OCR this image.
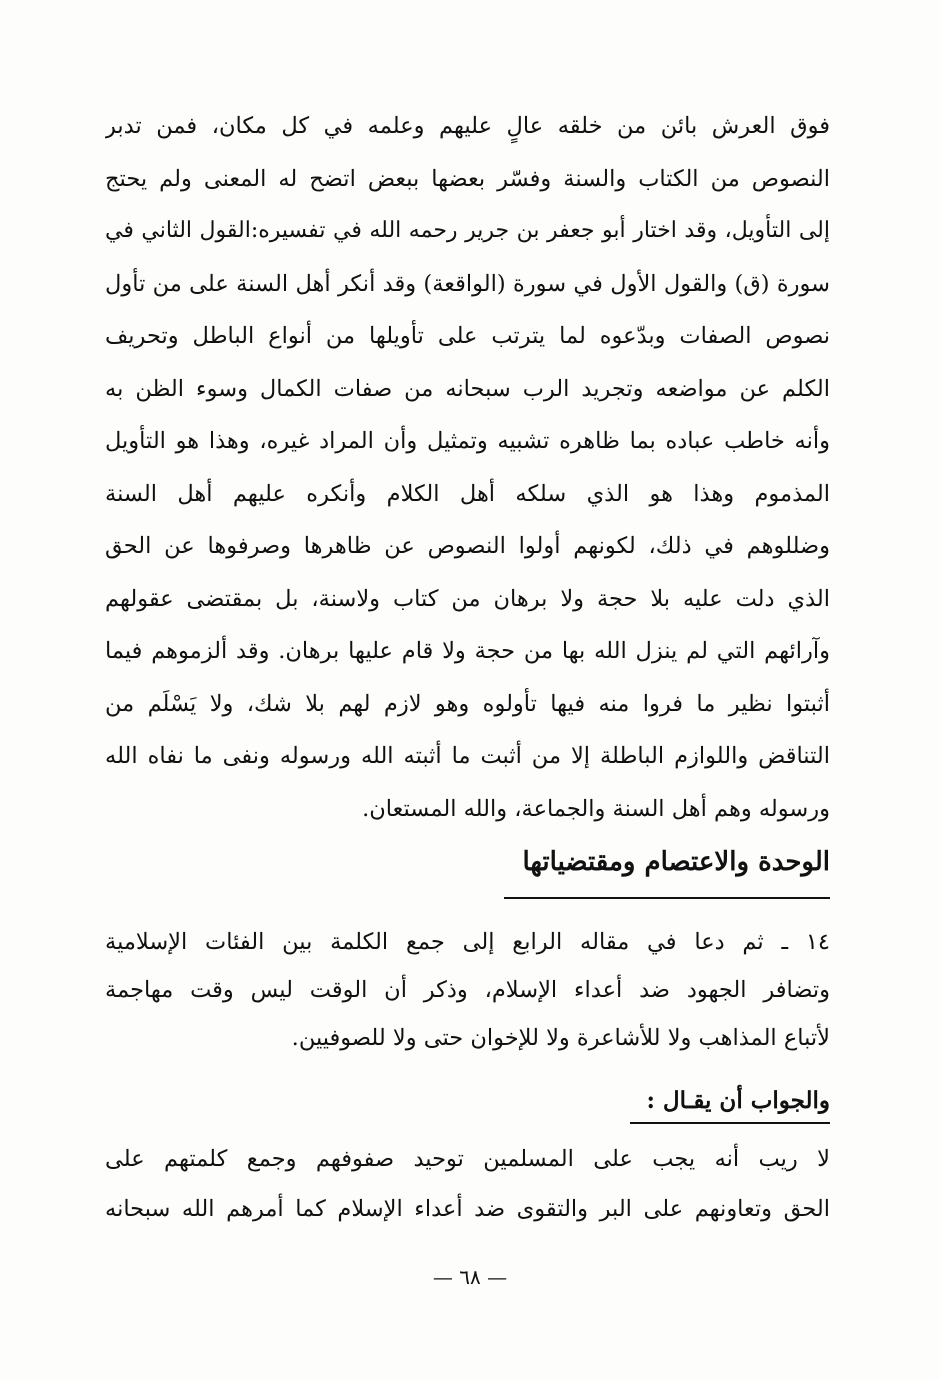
فوق العرش بائن من خلقه عالٍ عليهم وعلمه في كل مكان، فمن تدبر
النصوص من الكتاب والسنة وفسّر بعضها ببعض اتضح له المعنى ولم يحتج
إلى التأويل، وقد اختار أبو جعفر بن جرير رحمه الله في تفسيره:القول الثاني في
سورة (ق) والقول الأول في سورة (الواقعة) وقد أنكر أهل السنة على من تأول
نصوص الصفات وبدّعوه لما يترتب على تأويلها من أنواع الباطل وتحريف
الكلم عن مواضعه وتجريد الرب سبحانه من صفات الكمال وسوء الظن به
وأنه خاطب عباده بما ظاهره تشبيه وتمثيل وأن المراد غيره، وهذا هو التأويل
المذموم وهذا هو الذي سلكه أهل الكلام وأنكره عليهم أهل السنة
وضللوهم في ذلك، لكونهم أولوا النصوص عن ظاهرها وصرفوها عن الحق
الذي دلت عليه بلا حجة ولا برهان من كتاب ولاسنة، بل بمقتضى عقولهم
وآرائهم التي لم ينزل الله بها من حجة ولا قام عليها برهان. وقد ألزموهم فيما
أثبتوا نظير ما فروا منه فيها تأولوه وهو لازم لهم بلا شك، ولا يَسْلَم من
التناقض واللوازم الباطلة إلا من أثبت ما أثبته الله ورسوله ونفى ما نفاه الله
ورسوله وهم أهل السنة والجماعة، والله المستعان.
الوحدة والاعتصام ومقتضياتها
١٤ ـ ثم دعا في مقاله الرابع إلى جمع الكلمة بين الفئات الإسلامية
وتضافر الجهود ضد أعداء الإسلام، وذكر أن الوقت ليس وقت مهاجمة
لأتباع المذاهب ولا للأشاعرة ولا للإخوان حتى ولا للصوفيين.
والجواب أن يقـال :
لا ريب أنه يجب على المسلمين توحيد صفوفهم وجمع كلمتهم على
الحق وتعاونهم على البر والتقوى ضد أعداء الإسلام كما أمرهم الله سبحانه
— ٦٨ —
